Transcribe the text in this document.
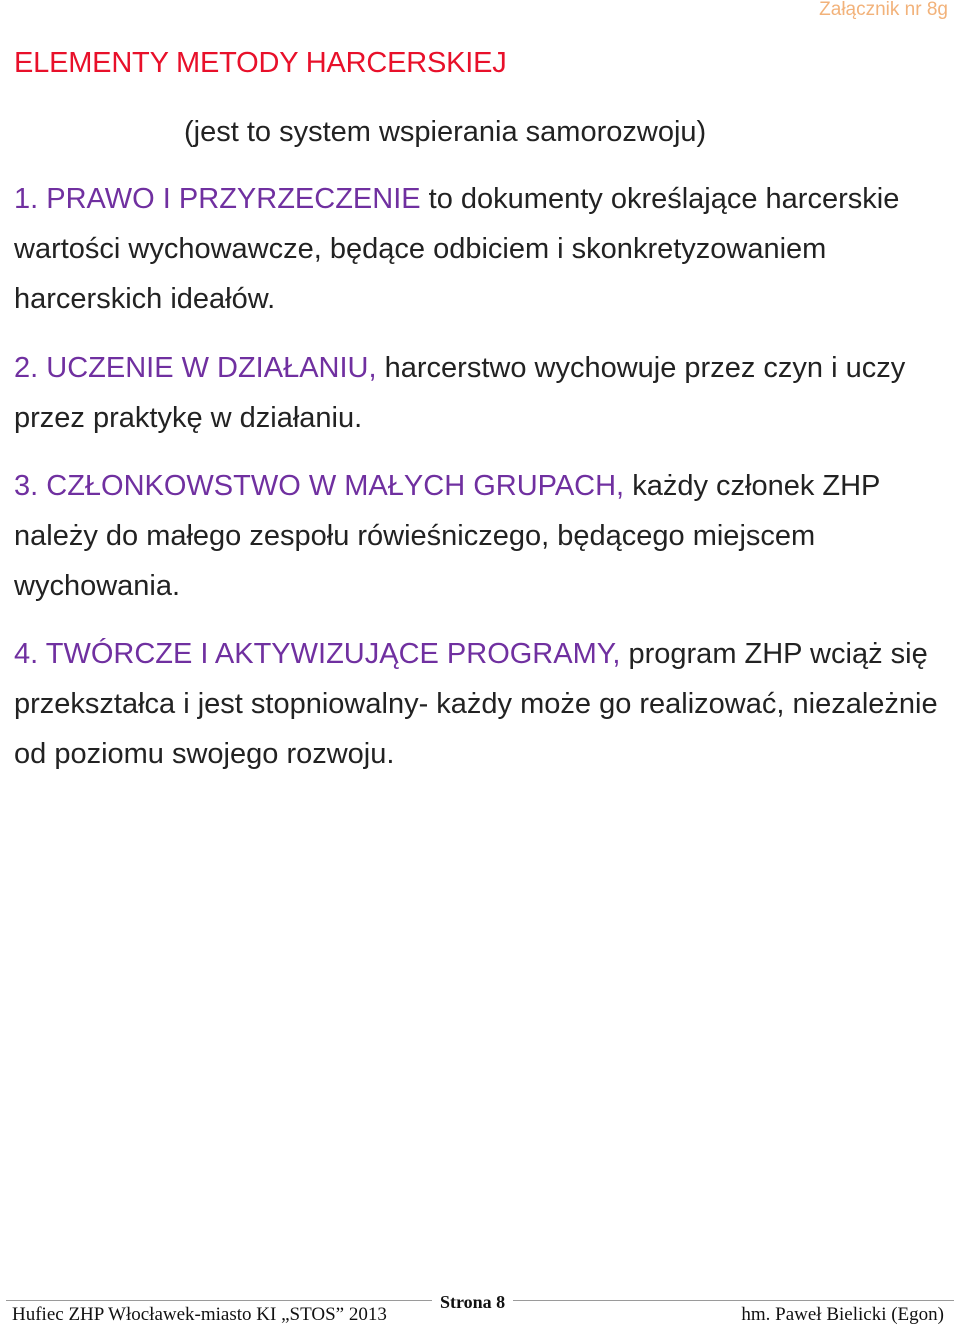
Załącznik nr 8g
ELEMENTY METODY HARCERSKIEJ
(jest to system wspierania samorozwoju)
1. PRAWO I PRZYRZECZENIE to dokumenty określające harcerskie wartości wychowawcze, będące odbiciem i skonkretyzowaniem harcerskich ideałów.
2. UCZENIE W DZIAŁANIU, harcerstwo wychowuje przez czyn i uczy przez praktykę w działaniu.
3. CZŁONKOWSTWO W MAŁYCH GRUPACH, każdy członek ZHP należy do małego zespołu rówieśniczego, będącego miejscem wychowania.
4. TWÓRCZE I AKTYWIZUJĄCE PROGRAMY, program ZHP wciąż się przekształca i jest stopniowalny- każdy może go realizować, niezależnie od poziomu swojego rozwoju.
Strona 8
Hufiec ZHP Włocławek-miasto KI „STOS” 2013	hm. Paweł Bielicki (Egon)
